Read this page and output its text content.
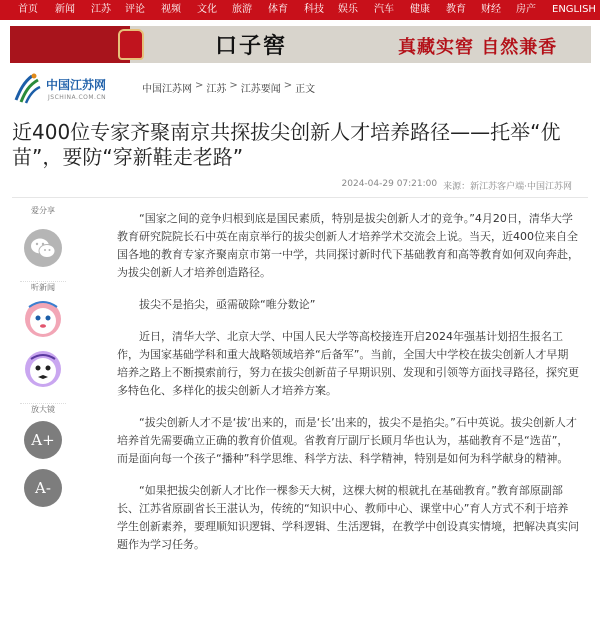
首页 新闻 江苏 评论 视频 文化 旅游 体育 科技 娱乐 汽车 健康 教育 财经 房产 ENGLISH
口子窖	真藏实窖 自然兼香
中国江苏网
JSCHINA.COM.CN
中国江苏网 > 江苏 > 江苏要闻 > 正文
近400位专家齐聚南京共探拔尖创新人才培养路径——托举“优苗”，要防“穿新鞋走老路”
2024-04-29 07:21:00 来源：新江苏客户端·中国江苏网
爱分享
听新闻
放大镜
A+
A-

“国家之间的竞争归根到底是国民素质，特别是拔尖创新人才的竞争。”4月20日，清华大学教育研究院院长石中英在南京举行的拔尖创新人才培养学术交流会上说。当天，近400位来自全国各地的教育专家齐聚南京市第一中学，共同探讨新时代下基础教育和高等教育如何双向奔赴，为拔尖创新人才培养创造路径。

拔尖不是掐尖，亟需破除“唯分数论”

近日，清华大学、北京大学、中国人民大学等高校接连开启2024年强基计划招生报名工作，为国家基础学科和重大战略领域培养“后备军”。当前，全国大中学校在拔尖创新人才早期培养之路上不断摸索前行，努力在拔尖创新苗子早期识别、发现和引领等方面找寻路径，探究更多特色化、多样化的拔尖创新人才培养方案。

“拔尖创新人才不是‘拔’出来的，而是‘长’出来的，拔尖不是掐尖。”石中英说。拔尖创新人才培养首先需要确立正确的教育价值观。省教育厅副厅长顾月华也认为，基础教育不是“选苗”，而是面向每一个孩子“播种”科学思维、科学方法、科学精神，特别是如何为科学献身的精神。

“如果把拔尖创新人才比作一棵参天大树，这棵大树的根就扎在基础教育。”教育部原副部长、江苏省原副省长王湛认为，传统的“知识中心、教师中心、课堂中心”育人方式不利于培养学生创新素养，要理顺知识逻辑、学科逻辑、生活逻辑，在教学中创设真实情境，把解决真实问题作为学习任务。
